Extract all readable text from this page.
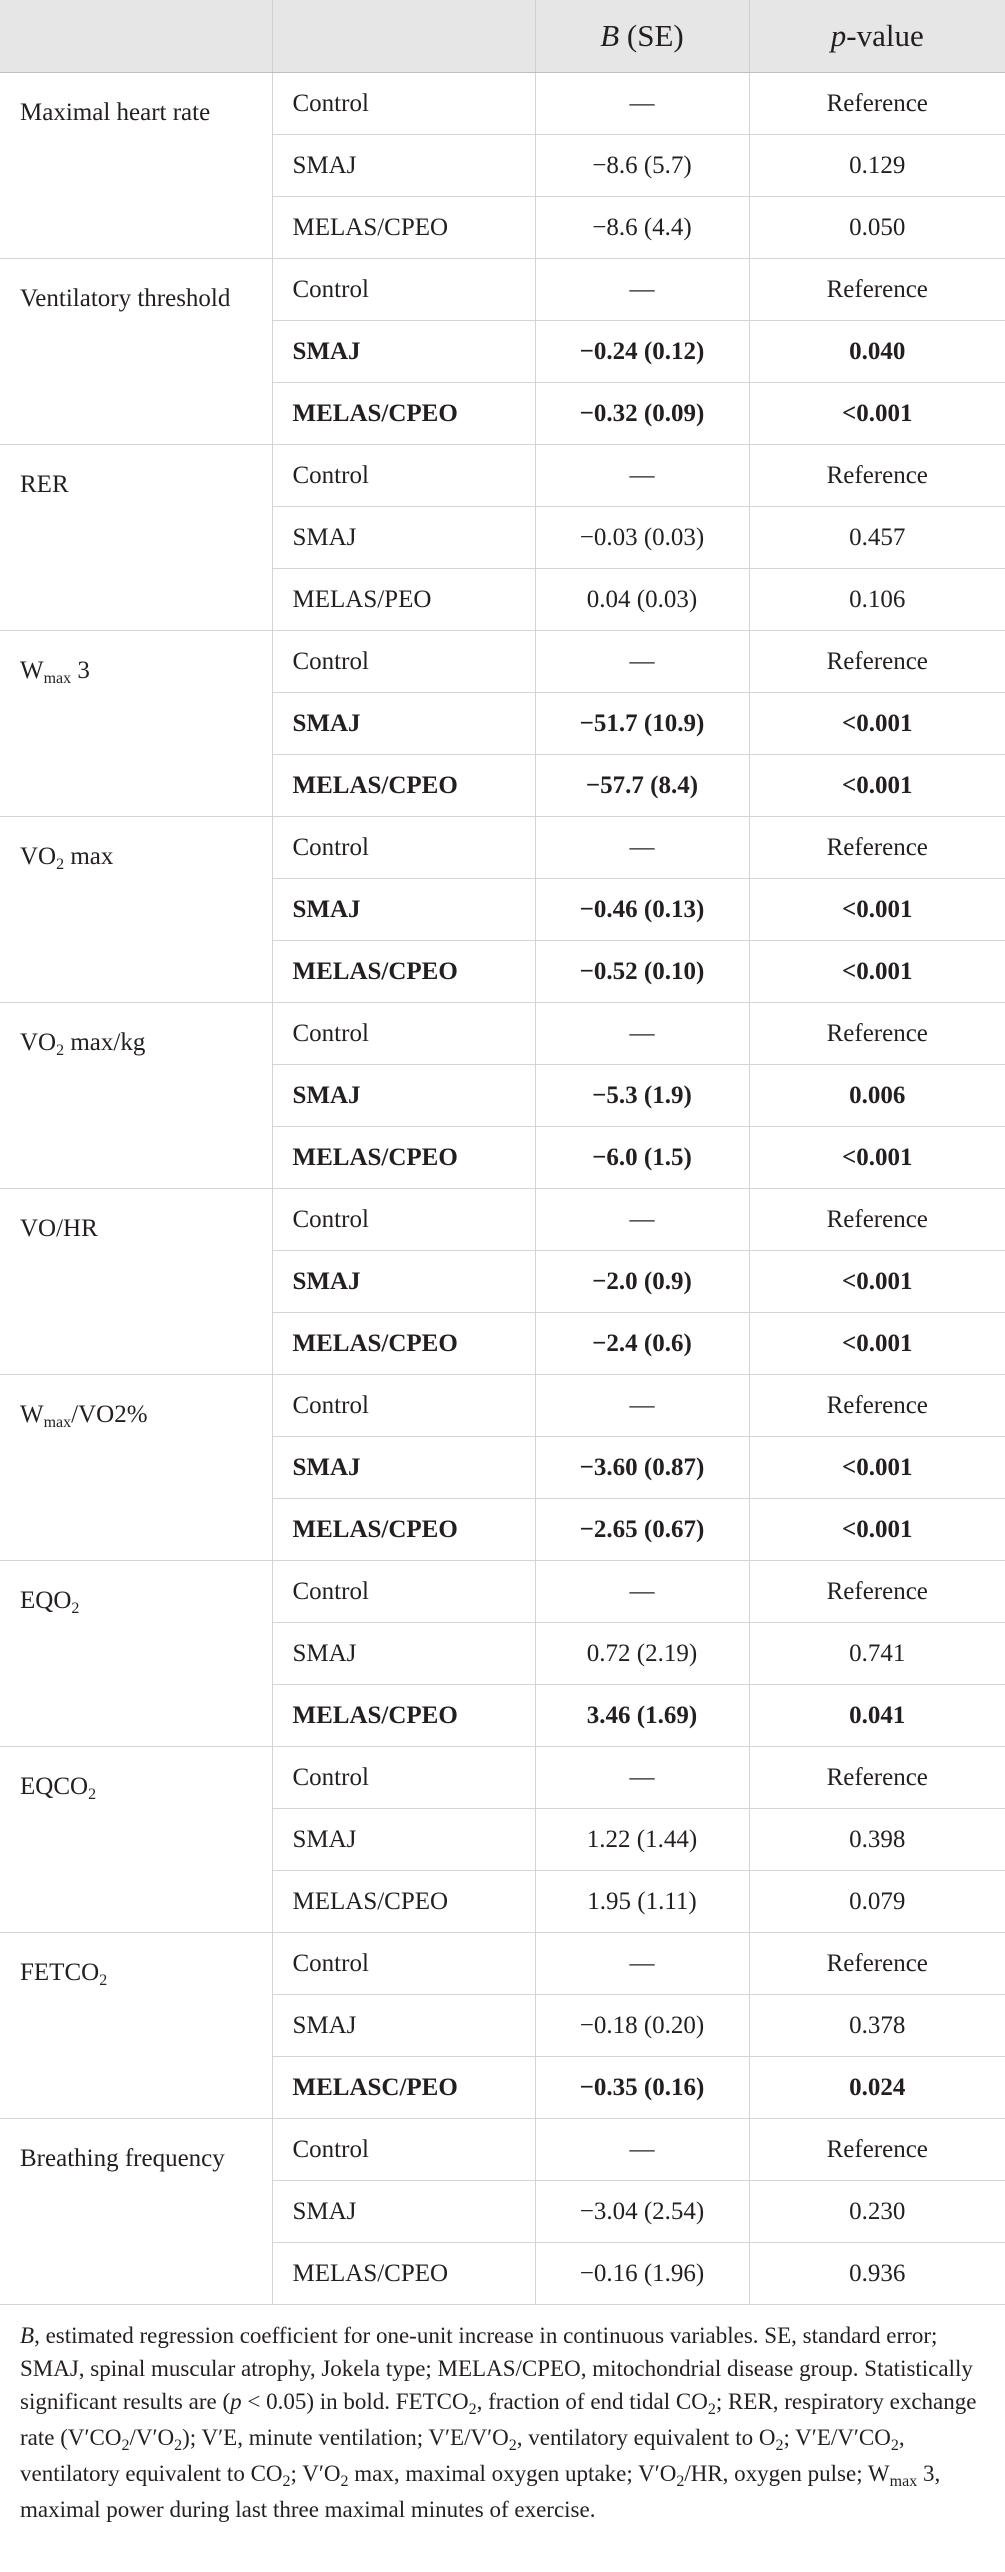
		B (SE)	p-value
Maximal heart rate	Control	—	Reference
	SMAJ	−8.6 (5.7)	0.129
	MELAS/CPEO	−8.6 (4.4)	0.050
Ventilatory threshold	Control	—	Reference
	SMAJ	−0.24 (0.12)	0.040
	MELAS/CPEO	−0.32 (0.09)	<0.001
RER	Control	—	Reference
	SMAJ	−0.03 (0.03)	0.457
	MELAS/PEO	0.04 (0.03)	0.106
$W_{max}$ 3	Control	—	Reference
	SMAJ	−51.7 (10.9)	<0.001
	MELAS/CPEO	−57.7 (8.4)	<0.001
$VO_2$ max	Control	—	Reference
	SMAJ	−0.46 (0.13)	<0.001
	MELAS/CPEO	−0.52 (0.10)	<0.001
$VO_2$ max/kg	Control	—	Reference
	SMAJ	−5.3 (1.9)	0.006
	MELAS/CPEO	−6.0 (1.5)	<0.001
VO/HR	Control	—	Reference
	SMAJ	−2.0 (0.9)	<0.001
	MELAS/CPEO	−2.4 (0.6)	<0.001
$W_{max}/VO2\%$	Control	—	Reference
	SMAJ	−3.60 (0.87)	<0.001
	MELAS/CPEO	−2.65 (0.67)	<0.001
$EQO_2$	Control	—	Reference
	SMAJ	0.72 (2.19)	0.741
	MELAS/CPEO	3.46 (1.69)	0.041
$EQCO_2$	Control	—	Reference
	SMAJ	1.22 (1.44)	0.398
	MELAS/CPEO	1.95 (1.11)	0.079
$FETCO_2$	Control	—	Reference
	SMAJ	−0.18 (0.20)	0.378
	MELASC/PEO	−0.35 (0.16)	0.024
Breathing frequency	Control	—	Reference
	SMAJ	−3.04 (2.54)	0.230
	MELAS/CPEO	−0.16 (1.96)	0.936
B, estimated regression coefficient for one-unit increase in continuous variables. SE, standard error; SMAJ, spinal muscular atrophy, Jokela type; MELAS/CPEO, mitochondrial disease group. Statistically significant results are (p < 0.05) in bold. $FETCO_2$, fraction of end tidal $CO_2$; RER, respiratory exchange rate $(V'CO_2/V'O_2)$; V′E, minute ventilation; $V'E/V'O_2$, ventilatory equivalent to $O_2$; $V'E/V'CO_2$, ventilatory equivalent to $CO_2$; $V'O_2$ max, maximal oxygen uptake; $V'O_2/HR$, oxygen pulse; $W_{max}$ 3, maximal power during last three maximal minutes of exercise.
